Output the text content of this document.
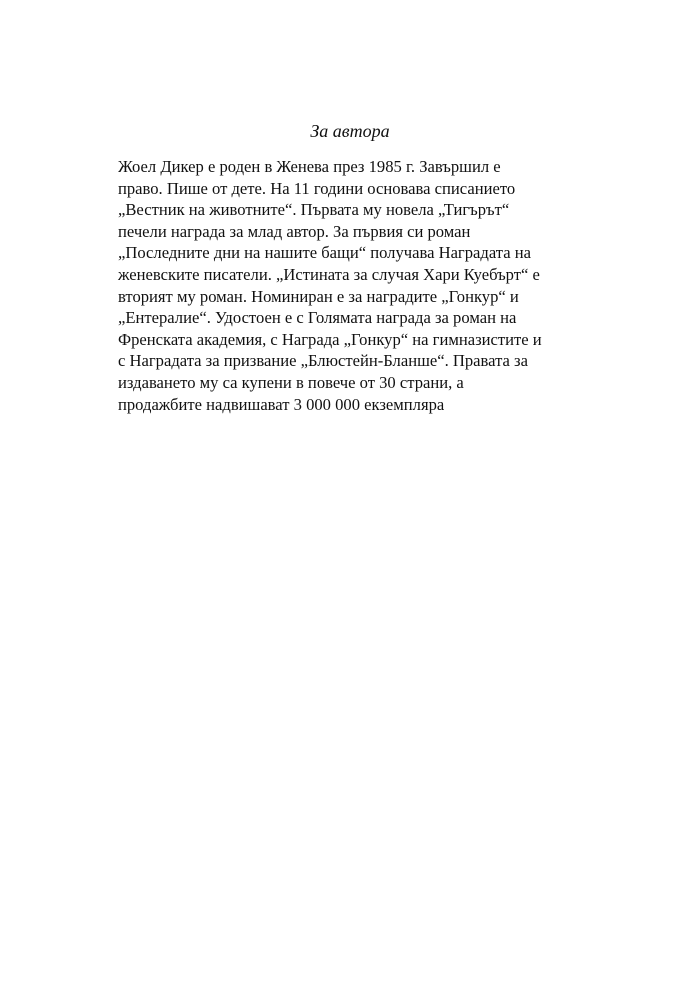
За автора
Жоел Дикер е роден в Женева през 1985 г. Завършил е
право. Пише от дете. На 11 години основава списанието
„Вестник на животните“. Първата му новела „Тигърът“
печели награда за млад автор. За първия си роман
„Последните дни на нашите бащи“ получава Наградата на
женевските писатели. „Истината за случая Хари Куебърт“ е
вторият му роман. Номиниран е за наградите „Гонкур“ и
„Ентералие“. Удостоен е с Голямата награда за роман на
Френската академия, с Награда „Гонкур“ на гимназистите и
с Наградата за призвание „Блюстейн-Бланше“. Правата за
издаването му са купени в повече от 30 страни, а
продажбите надвишават 3 000 000 екземпляра
